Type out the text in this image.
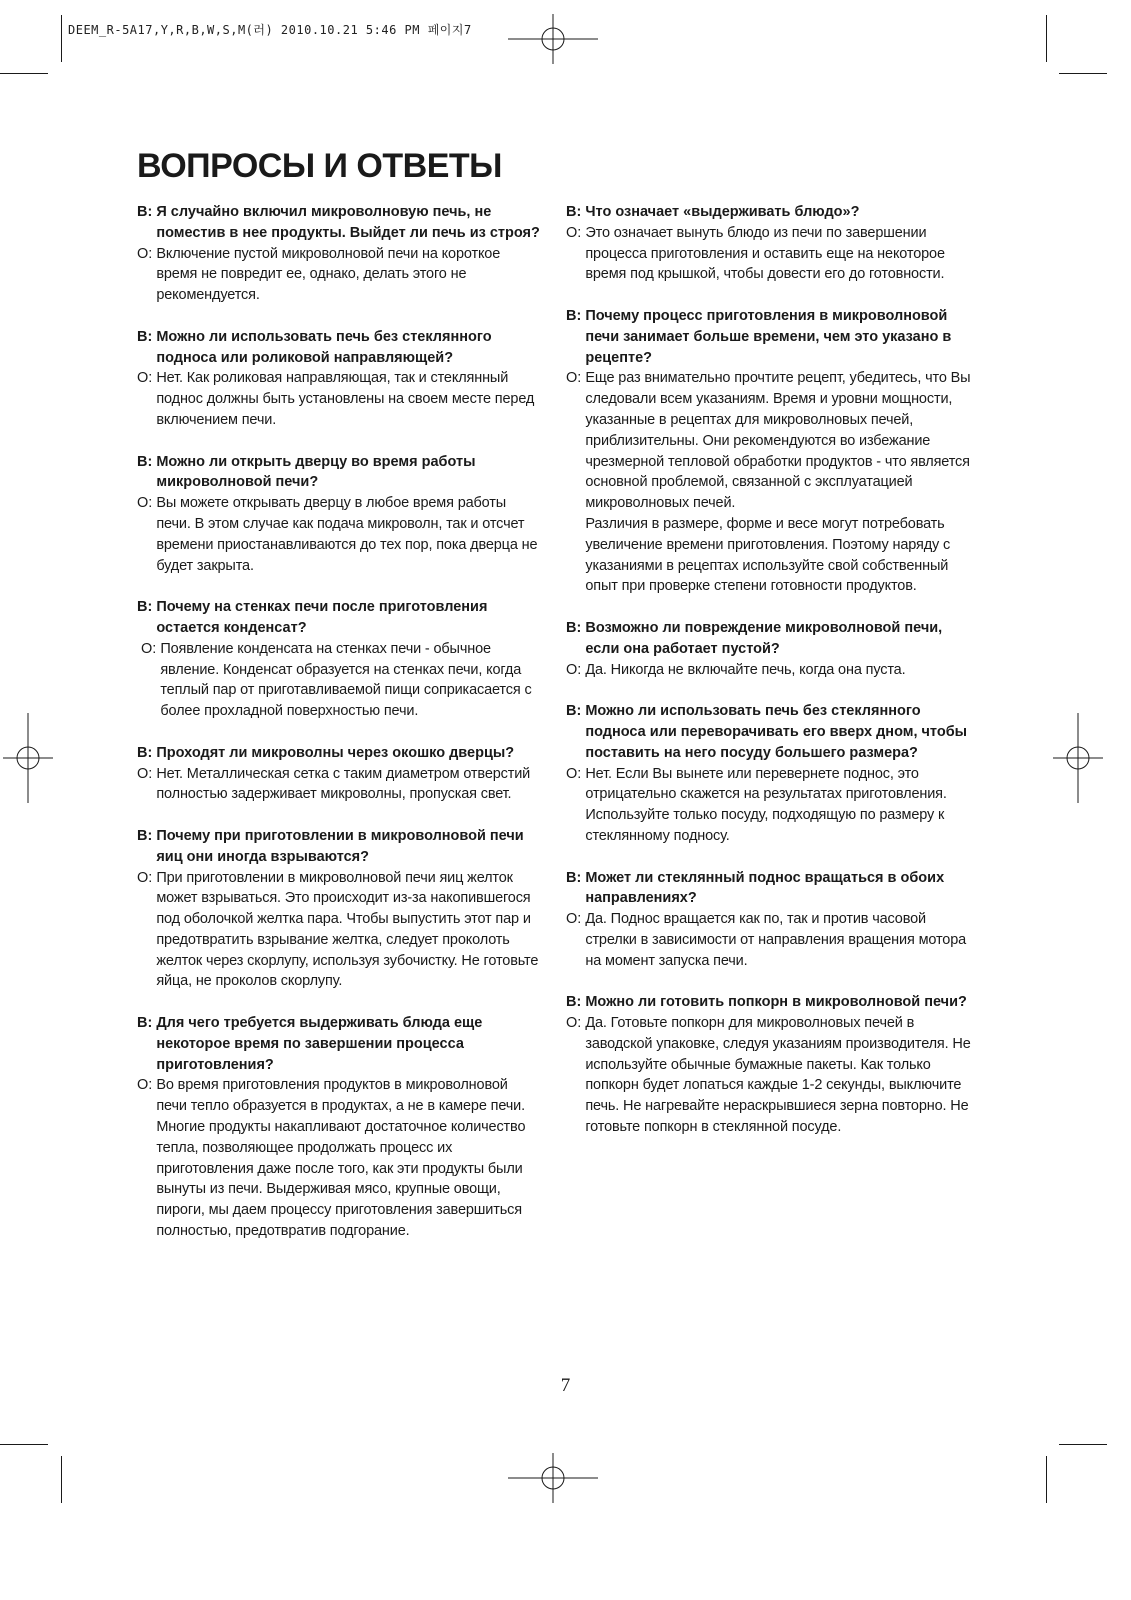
DEEM_R-5A17,Y,R,B,W,S,M(러) 2010.10.21 5:46 PM 페이지7
ВОПРОСЫ И ОТВЕТЫ
В:
Я случайно включил микроволновую печь, не поместив в нее продукты. Выйдет ли печь из строя?
О:
Включение пустой микроволновой печи на короткое время не повредит ее, однако, делать этого не рекомендуется.
В:
Можно ли использовать печь без стеклянного подноса или роликовой направляющей?
О:
Нет. Как роликовая направляющая, так и стеклянный поднос должны быть установлены на своем месте перед включением печи.
В:
Можно ли открыть дверцу во время работы микроволновой печи?
О:
Вы можете открывать дверцу в любое время работы печи. В этом случае как подача микроволн, так и отсчет времени приостанавливаются до тех пор, пока дверца не будет закрыта.
В:
Почему на стенках печи после приготовления остается конденсат?
О:
Появление конденсата на стенках печи - обычное явление. Конденсат образуется на стенках печи, когда теплый пар от приготавливаемой пищи соприкасается с более прохладной поверхностью печи.
В:
Проходят ли микроволны через окошко дверцы?
О:
Нет. Металлическая сетка с таким диаметром отверстий полностью задерживает микроволны, пропуская свет.
В:
Почему при приготовлении в микроволновой печи яиц они иногда взрываются?
О:
При приготовлении в микроволновой печи яиц желток может взрываться. Это происходит из-за накопившегося под оболочкой желтка пара. Чтобы выпустить этот пар и предотвратить взрывание желтка, следует проколоть желток через скорлупу, используя зубочистку. Не готовьте яйца, не проколов скорлупу.
В:
Для чего требуется выдерживать блюда еще некоторое время по завершении процесса приготовления?
О:
Во время приготовления продуктов в микроволновой печи тепло образуется в продуктах, а не в камере печи. Многие продукты накапливают достаточное количество тепла, позволяющее продолжать процесс их приготовления даже после того, как эти продукты были вынуты из печи. Выдерживая мясо, крупные овощи, пироги, мы даем процессу приготовления завершиться полностью, предотвратив подгорание.
В:
Что означает «выдерживать блюдо»?
О:
Это означает вынуть блюдо из печи по завершении процесса приготовления и оставить еще на некоторое время под крышкой, чтобы довести его до готовности.
В:
Почему процесс приготовления в микроволновой печи занимает больше времени, чем это указано в рецепте?
О:
Еще раз внимательно прочтите рецепт, убедитесь, что Вы следовали всем указаниям. Время и уровни мощности, указанные в рецептах для микроволновых печей, приблизительны. Они рекомендуются во избежание чрезмерной тепловой обработки продуктов - что является основной проблемой, связанной с эксплуатацией микроволновых печей.

Различия в размере, форме и весе могут потребовать увеличение времени приготовления. Поэтому наряду с указаниями в рецептах используйте свой собственный опыт при проверке степени готовности продуктов.
В:
Возможно ли повреждение микроволновой печи, если она работает пустой?
О:
Да. Никогда не включайте печь, когда она пуста.
В:
Можно ли использовать печь без стеклянного подноса или переворачивать его вверх дном, чтобы поставить на него посуду большего размера?
О:
Нет. Если Вы вынете или перевернете поднос, это отрицательно скажется на результатах приготовления. Используйте только посуду, подходящую по размеру к стеклянному подносу.
В:
Может ли стеклянный поднос вращаться в обоих направлениях?
О:
Да. Поднос вращается как по, так и против часовой стрелки в зависимости от направления вращения мотора на момент запуска печи.
В:
Можно ли готовить попкорн в микроволновой печи?
О:
Да. Готовьте попкорн для микроволновых печей в заводской упаковке, следуя указаниям производителя. Не используйте обычные бумажные пакеты. Как только попкорн будет лопаться каждые 1-2 секунды, выключите печь. Не нагревайте нераскрывшиеся зерна повторно. Не готовьте попкорн в стеклянной посуде.
7
